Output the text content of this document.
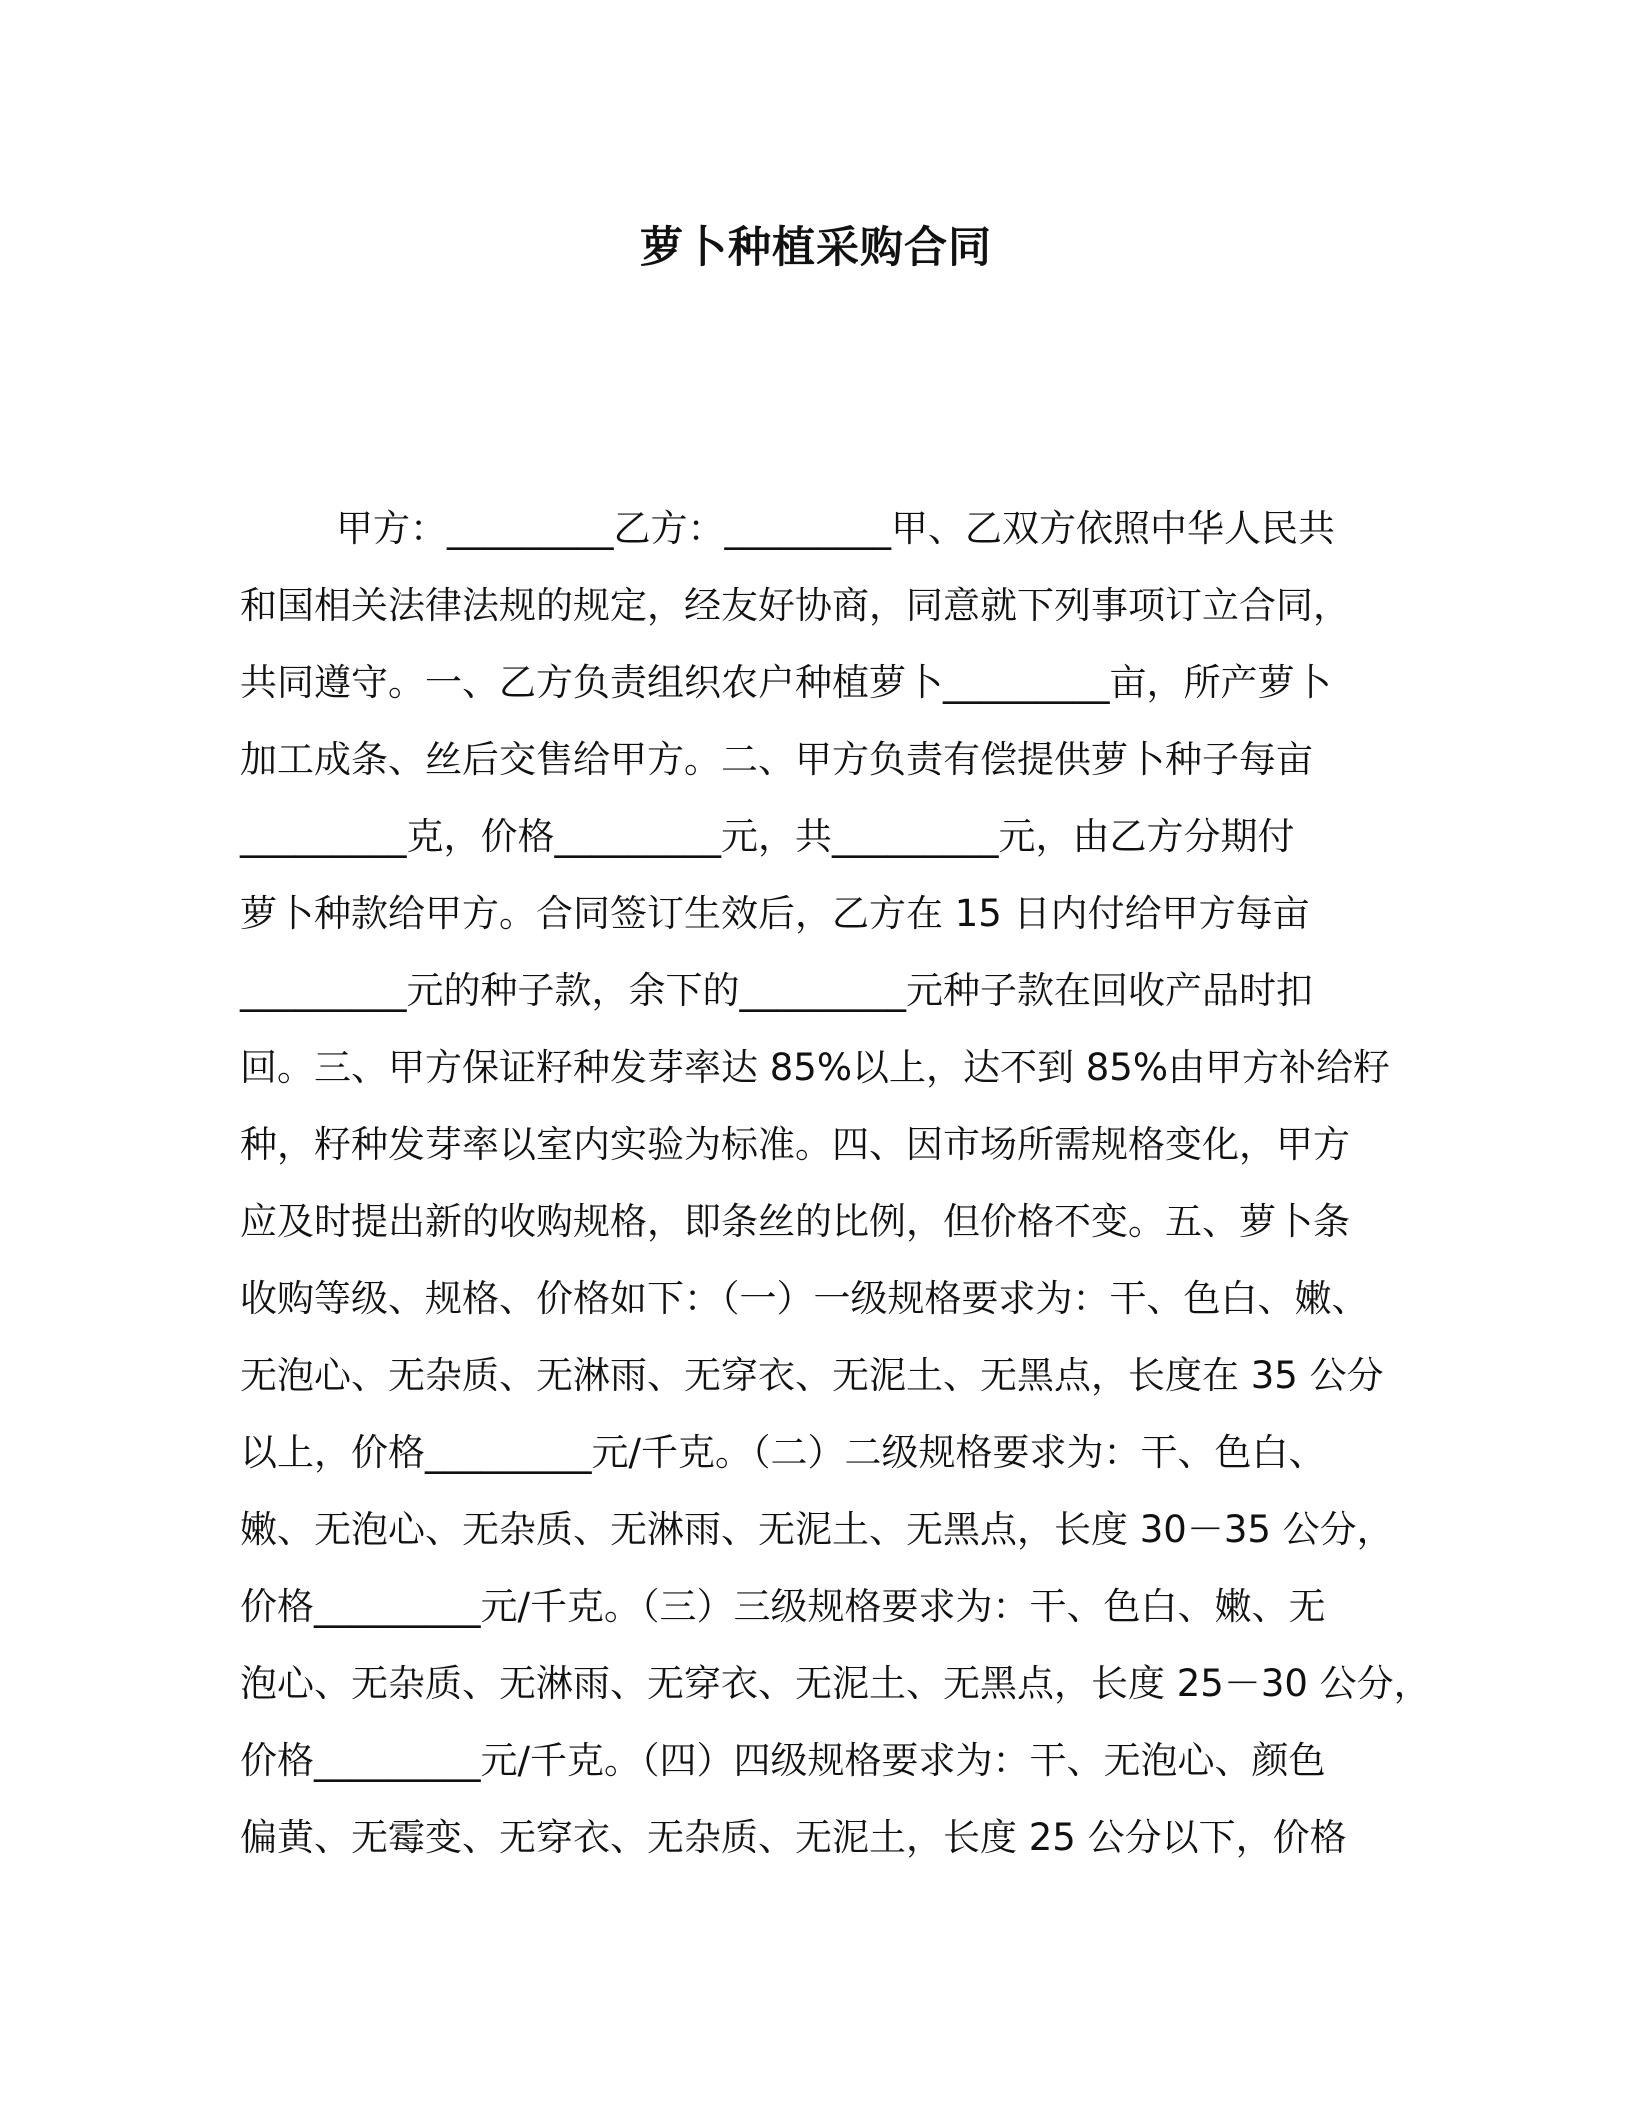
萝卜种植采购合同
甲方：_________乙方：_________甲、乙双方依照中华人民共
和国相关法律法规的规定，经友好协商，同意就下列事项订立合同，
共同遵守。一、乙方负责组织农户种植萝卜_________亩，所产萝卜
加工成条、丝后交售给甲方。二、甲方负责有偿提供萝卜种子每亩
_________克，价格_________元，共_________元，由乙方分期付
萝卜种款给甲方。合同签订生效后，乙方在 15 日内付给甲方每亩
_________元的种子款，余下的_________元种子款在回收产品时扣
回。三、甲方保证籽种发芽率达 85%以上，达不到 85%由甲方补给籽
种，籽种发芽率以室内实验为标准。四、因市场所需规格变化，甲方
应及时提出新的收购规格，即条丝的比例，但价格不变。五、萝卜条
收购等级、规格、价格如下：（一）一级规格要求为：干、色白、嫩、
无泡心、无杂质、无淋雨、无穿衣、无泥土、无黑点，长度在 35 公分
以上，价格_________元/千克。（二）二级规格要求为：干、色白、
嫩、无泡心、无杂质、无淋雨、无泥土、无黑点，长度 30－35 公分，
价格_________元/千克。（三）三级规格要求为：干、色白、嫩、无
泡心、无杂质、无淋雨、无穿衣、无泥土、无黑点，长度 25－30 公分，
价格_________元/千克。（四）四级规格要求为：干、无泡心、颜色
偏黄、无霉变、无穿衣、无杂质、无泥土，长度 25 公分以下，价格
